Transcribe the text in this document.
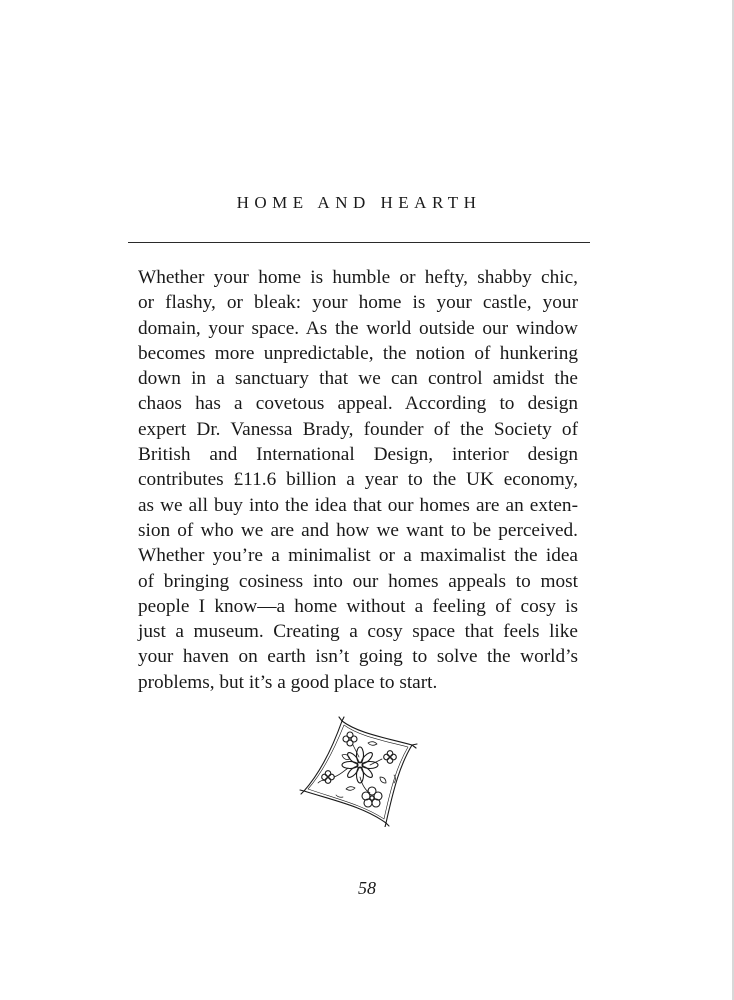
HOME AND HEARTH
Whether your home is humble or hefty, shabby chic,
or flashy, or bleak: your home is your castle, your
domain, your space. As the world outside our window
becomes more unpredictable, the notion of hunkering
down in a sanctuary that we can control amidst the
chaos has a covetous appeal. According to design
expert Dr. Vanessa Brady, founder of the Society of
British and International Design, interior design
contributes £11.6 billion a year to the UK economy,
as we all buy into the idea that our homes are an exten-
sion of who we are and how we want to be perceived.
Whether you’re a minimalist or a maximalist the idea
of bringing cosiness into our homes appeals to most
people I know—a home without a feeling of cosy is
just a museum. Creating a cosy space that feels like
your haven on earth isn’t going to solve the world’s
problems, but it’s a good place to start.
58
